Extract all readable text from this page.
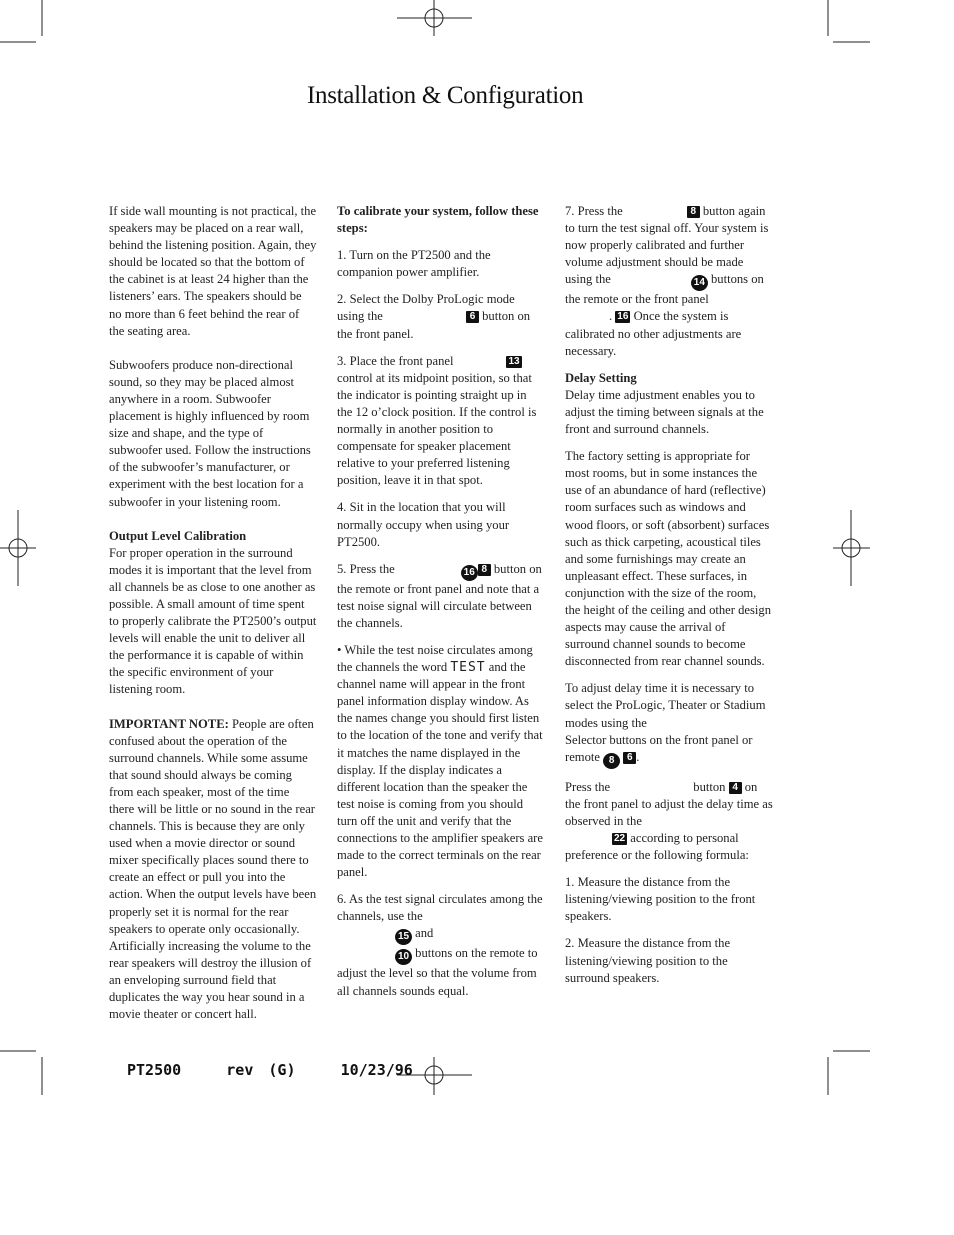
Installation & Configuration

If side wall mounting is not practical, the speakers may be placed on a rear wall, behind the listening position. Again, they should be located so that the bottom of the cabinet is at least 24 higher than the listeners’ ears. The speakers should be no more than 6 feet behind the rear of the seating area.

Subwoofers produce non-directional sound, so they may be placed almost anywhere in a room. Subwoofer placement is highly influenced by room size and shape, and the type of subwoofer used. Follow the instructions of the subwoofer’s manufacturer, or experiment with the best location for a subwoofer in your listening room.

Output Level Calibration

For proper operation in the surround modes it is important that the level from all channels be as close to one another as possible. A small amount of time spent to properly calibrate the PT2500’s output levels will enable the unit to deliver all the performance it is capable of within the specific environment of your listening room.

IMPORTANT NOTE: People are often confused about the operation of the surround channels. While some assume that sound should always be coming from each speaker, most of the time there will be little or no sound in the rear channels. This is because they are only used when a movie director or sound mixer specifically places sound there to create an effect or pull you into the action. When the output levels have been properly set it is normal for the rear speakers to operate only occasionally. Artificially increasing the volume to the rear speakers will destroy the illusion of an enveloping surround field that duplicates the way you hear sound in a movie theater or concert hall.

To calibrate your system, follow these steps:

1. Turn on the PT2500 and the companion power amplifier.

2. Select the Dolby ProLogic mode using the	6 button on the front panel.

3. Place the front panel	13 control at its midpoint position, so that the indicator is pointing straight up in the 12 o’clock position. If the control is normally in another position to compensate for speaker placement relative to your preferred listening position, leave it in that spot.

4. Sit in the location that you will normally occupy when using your PT2500.

5. Press the	16 8 button on the remote or front panel and note that a test noise signal will circulate between the channels.

• While the test noise circulates among the channels the word TEST and the channel name will appear in the front panel information display window. As the names change you should first listen to the location of the tone and verify that it matches the name displayed in the display. If the display indicates a different location than the speaker the test noise is coming from you should turn off the unit and verify that the connections to the amplifier speakers are made to the correct terminals on the rear panel.

6. As the test signal circulates among the channels, use the
15 and
10 buttons on the remote to adjust the level so that the volume from all channels sounds equal.

7. Press the	8 button again to turn the test signal off. Your system is now properly calibrated and further volume adjustment should be made using the	14 buttons on the remote or the front panel
. 16 Once the system is calibrated no other adjustments are necessary.

Delay Setting

Delay time adjustment enables you to adjust the timing between signals at the front and surround channels.

The factory setting is appropriate for most rooms, but in some instances the use of an abundance of hard (reflective) room surfaces such as windows and wood floors, or soft (absorbent) surfaces such as thick carpeting, acoustical tiles and some furnishings may create an unpleasant effect. These surfaces, in conjunction with the size of the room, the height of the ceiling and other design aspects may cause the arrival of surround channel sounds to become disconnected from rear channel sounds.

To adjust delay time it is necessary to select the ProLogic, Theater or Stadium modes using the
Selector buttons on the front panel or remote 8 6 .

Press the	button 4 on the front panel to adjust the delay time as observed in the
22 according to personal preference or the following formula:

1. Measure the distance from the listening/viewing position to the front speakers.

2. Measure the distance from the listening/viewing position to the surround speakers.

PT2500   rev (G)   10/23/96
